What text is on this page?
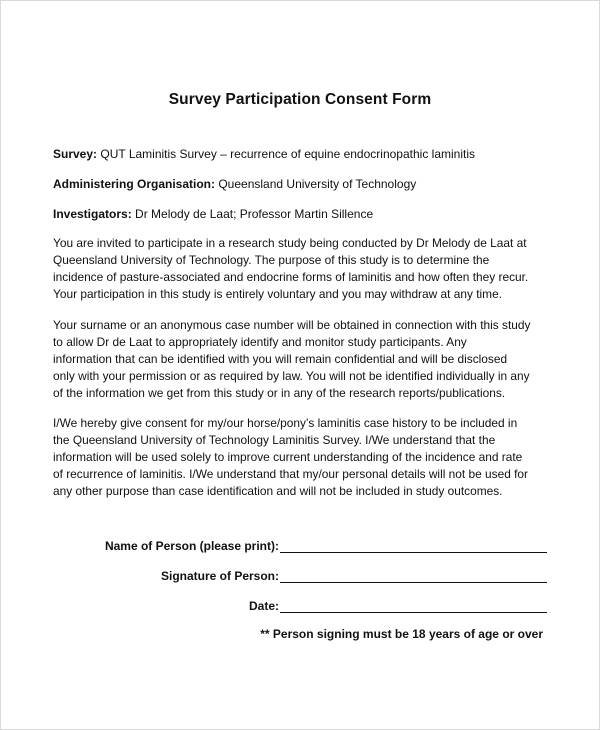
Survey Participation Consent Form
Survey: QUT Laminitis Survey – recurrence of equine endocrinopathic laminitis
Administering Organisation: Queensland University of Technology
Investigators: Dr Melody de Laat; Professor Martin Sillence
You are invited to participate in a research study being conducted by Dr Melody de Laat at
Queensland University of Technology. The purpose of this study is to determine the
incidence of pasture-associated and endocrine forms of laminitis and how often they recur.
Your participation in this study is entirely voluntary and you may withdraw at any time.
Your surname or an anonymous case number will be obtained in connection with this study
to allow Dr de Laat to appropriately identify and monitor study participants. Any
information that can be identified with you will remain confidential and will be disclosed
only with your permission or as required by law. You will not be identified individually in any
of the information we get from this study or in any of the research reports/publications.
I/We hereby give consent for my/our horse/pony’s laminitis case history to be included in
the Queensland University of Technology Laminitis Survey. I/We understand that the
information will be used solely to improve current understanding of the incidence and rate
of recurrence of laminitis. I/We understand that my/our personal details will not be used for
any other purpose than case identification and will not be included in study outcomes.
Name of Person (please print):
Signature of Person:
Date:
** Person signing must be 18 years of age or over
